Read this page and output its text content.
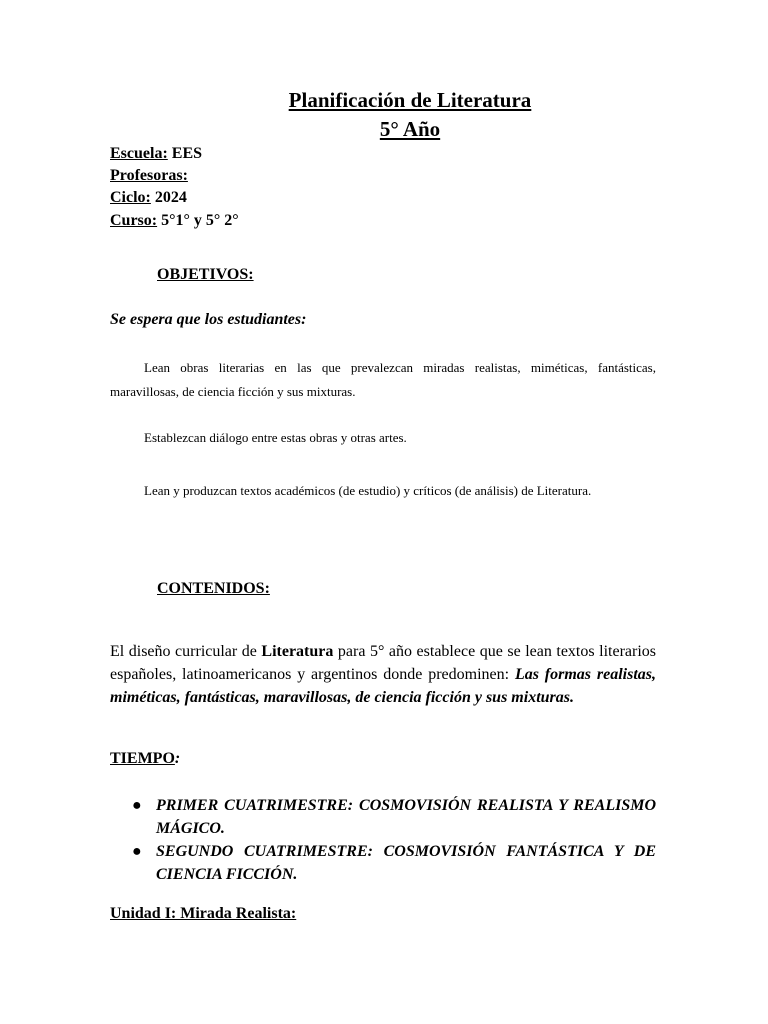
Planificación de Literatura
5° Año
Escuela: EES
Profesoras:
Ciclo: 2024
Curso: 5°1° y 5° 2°
OBJETIVOS:
Se espera que los estudiantes:
Lean obras literarias en las que prevalezcan miradas realistas, miméticas, fantásticas, maravillosas, de ciencia ficción y sus mixturas.
Establezcan diálogo entre estas obras y otras artes.
Lean y produzcan textos académicos (de estudio) y críticos (de análisis) de Literatura.
CONTENIDOS:
El diseño curricular de Literatura para 5° año establece que se lean textos literarios españoles, latinoamericanos y argentinos donde predominen: Las formas realistas, miméticas, fantásticas, maravillosas, de ciencia ficción y sus mixturas.
TIEMPO:
● PRIMER CUATRIMESTRE: COSMOVISIÓN REALISTA Y REALISMO MÁGICO.
● SEGUNDO CUATRIMESTRE: COSMOVISIÓN FANTÁSTICA Y DE CIENCIA FICCIÓN.
Unidad I: Mirada Realista:
